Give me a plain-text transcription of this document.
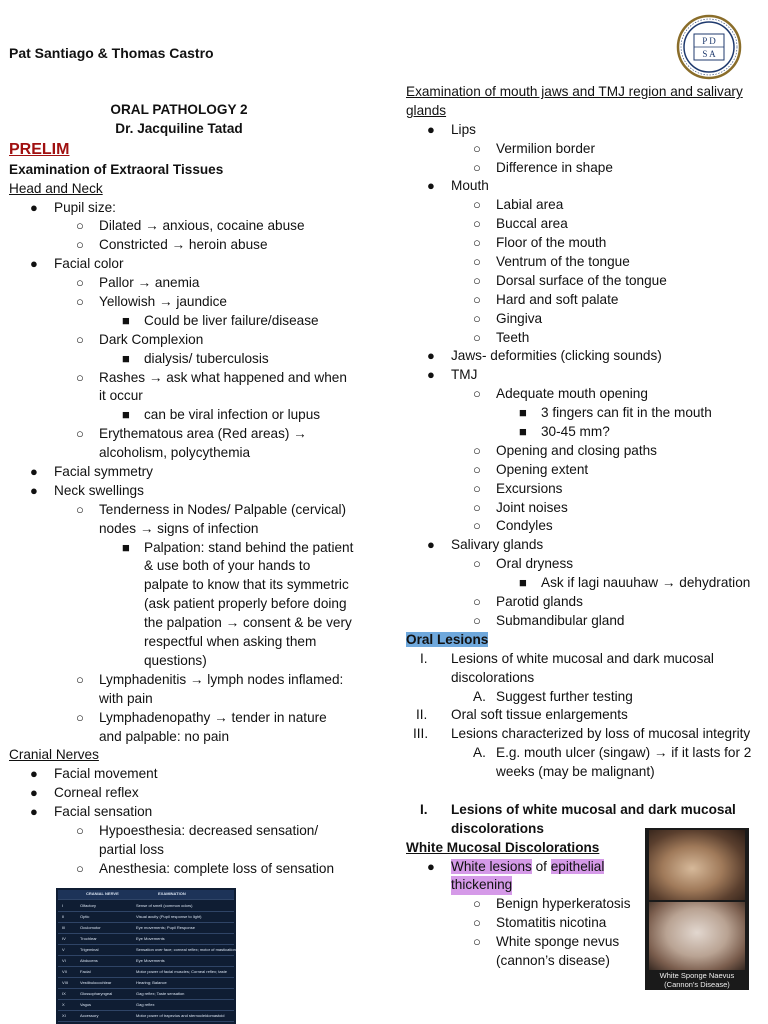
Pat Santiago & Thomas Castro
P D
S A
ORAL PATHOLOGY 2
Dr. Jacquiline Tatad
PRELIM
Examination of Extraoral Tissues
Head and Neck
● Pupil size:
○ Dilated → anxious, cocaine abuse
○ Constricted → heroin abuse
● Facial color
○ Pallor → anemia
○ Yellowish → jaundice
■ Could be liver failure/disease
○ Dark Complexion
■ dialysis/ tuberculosis
○ Rashes → ask what happened and when
it occur
■ can be viral infection or lupus
○ Erythematous area (Red areas) →
alcoholism, polycythemia
● Facial symmetry
● Neck swellings
○ Tenderness in Nodes/ Palpable (cervical)
nodes → signs of infection
■ Palpation: stand behind the patient
& use both of your hands to
palpate to know that its symmetric
(ask patient properly before doing
the palpation → consent & be very
respectful when asking them
questions)
○ Lymphadenitis → lymph nodes inflamed:
with pain
○ Lymphadenopathy → tender in nature
and palpable: no pain
Cranial Nerves
● Facial movement
● Corneal reflex
● Facial sensation
○ Hypoesthesia: decreased sensation/
partial loss
○ Anesthesia: complete loss of sensation
CRANIAL NERVE	EXAMINATION
I	Olfactory	Sense of smell (common odors)
II	Optic	Visual acuity (Pupil response to light)
III	Oculomotor	Eye movements; Pupil Response
IV	Trochlear	Eye Movements
V	Trigeminal	Sensation over face; corneal reflex; motor of mastication
VI	Abducens	Eye Movements
VII	Facial	Motor power of facial muscles; Corneal reflex; taste
VIII	Vestibulocochlear	Hearing; Balance
IX	Glossopharyngeal	Gag reflex; Taste sensation
X	Vagus	Gag reflex
XI	Accessory	Motor power of trapezius and sternocleidomastoid
Examination of mouth jaws and TMJ region and salivary
glands
● Lips
○ Vermilion border
○ Difference in shape
● Mouth
○ Labial area
○ Buccal area
○ Floor of the mouth
○ Ventrum of the tongue
○ Dorsal surface of the tongue
○ Hard and soft palate
○ Gingiva
○ Teeth
● Jaws- deformities (clicking sounds)
● TMJ
○ Adequate mouth opening
■ 3 fingers can fit in the mouth
■ 30-45 mm?
○ Opening and closing paths
○ Opening extent
○ Excursions
○ Joint noises
○ Condyles
● Salivary glands
○ Oral dryness
■ Ask if lagi nauuhaw → dehydration
○ Parotid glands
○ Submandibular gland
Oral Lesions
I. Lesions of white mucosal and dark mucosal
discolorations
A. Suggest further testing
II. Oral soft tissue enlargements
III. Lesions characterized by loss of mucosal integrity
A. E.g. mouth ulcer (singaw) → if it lasts for 2
weeks (may be malignant)
I. Lesions of white mucosal and dark mucosal
discolorations
White Mucosal Discolorations
● White lesions of epithelial
thickening
○ Benign hyperkeratosis
○ Stomatitis nicotina
○ White sponge nevus
(cannon’s disease)
White Sponge Naevus
(Cannon's Disease)
